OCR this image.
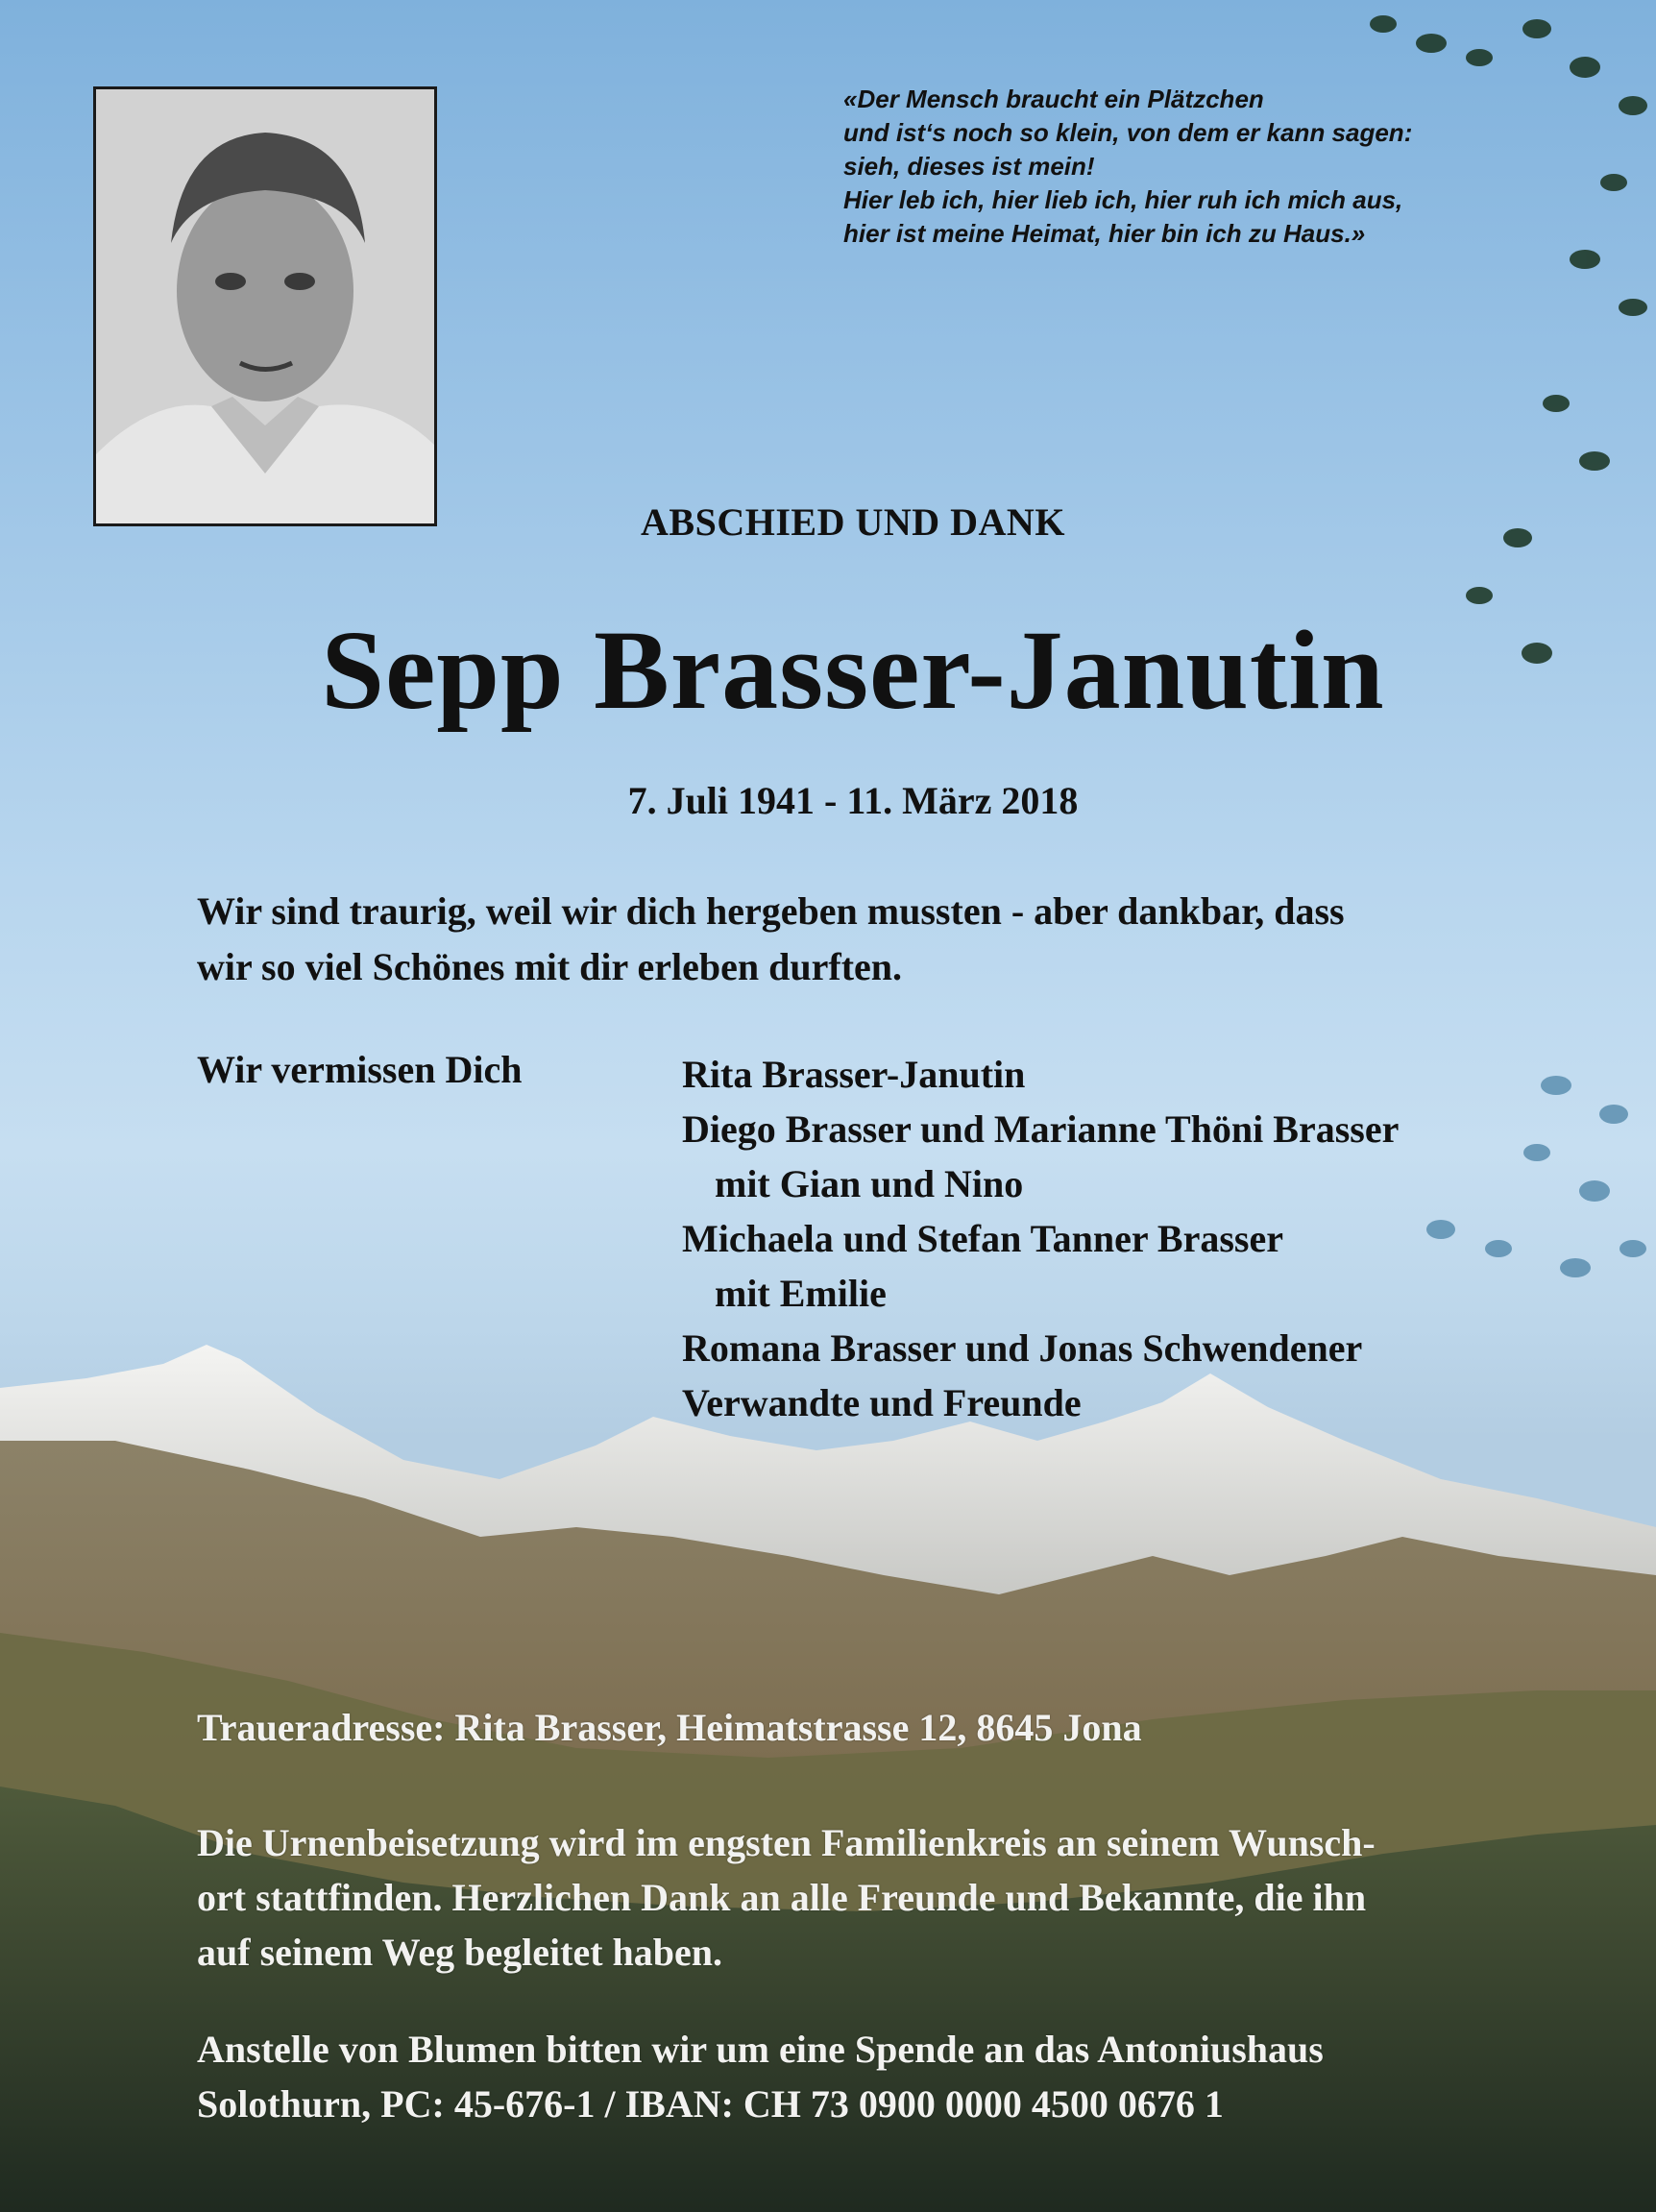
«Der Mensch braucht ein Plätzchen
und ist‘s noch so klein, von dem er kann sagen:
sieh, dieses ist mein!
Hier leb ich, hier lieb ich, hier ruh ich mich aus,
hier ist meine Heimat, hier bin ich zu Haus.»
ABSCHIED UND DANK
Sepp Brasser-Janutin
7. Juli 1941 - 11. März 2018
Wir sind traurig, weil wir dich hergeben mussten - aber dankbar, dass
wir so viel Schönes mit dir erleben durften.
Wir vermissen Dich	Rita Brasser-Janutin
Diego Brasser und Marianne Thöni Brasser
mit Gian und Nino
Michaela und Stefan Tanner Brasser
mit Emilie
Romana Brasser und Jonas Schwendener
Verwandte und Freunde
Traueradresse: Rita Brasser, Heimatstrasse 12, 8645 Jona
Die Urnenbeisetzung wird im engsten Familienkreis an seinem Wunsch-
ort stattfinden. Herzlichen Dank an alle Freunde und Bekannte, die ihn
auf seinem Weg begleitet haben.
Anstelle von Blumen bitten wir um eine Spende an das Antoniushaus
Solothurn, PC: 45-676-1 / IBAN: CH 73 0900 0000 4500 0676 1
